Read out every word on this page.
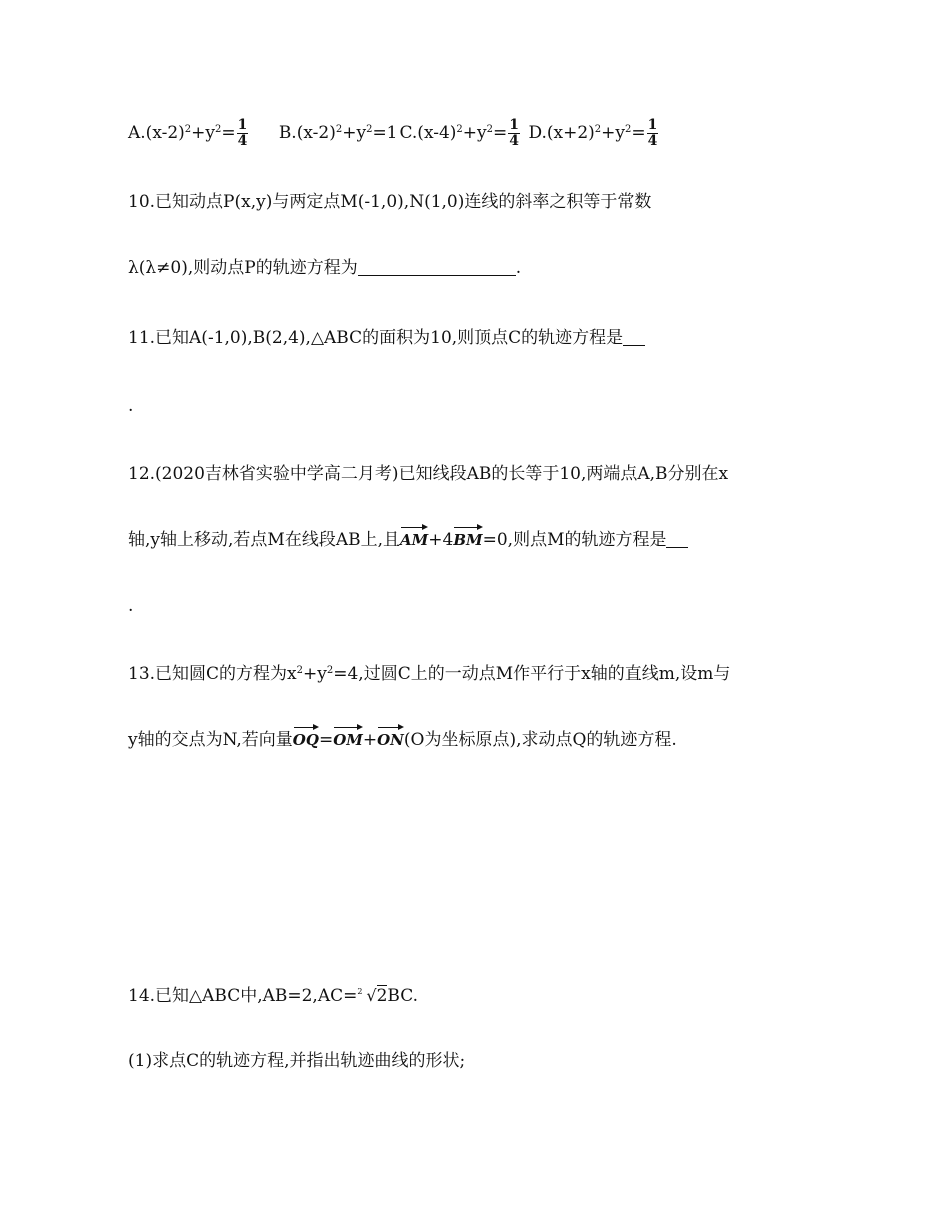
$A.(x-2)^2+y^2= \frac{1}{4} B.(x-2)^2+y^2=1$ $C.(x-4)^2+y^2= \frac{1}{4} D.(x+2)^2+y^2= \frac{1}{4}$
10.已知动点P(x,y)与两定点M(-1,0),N(1,0)连线的斜率之积等于常数
λ(λ≠0),则动点P的轨迹方程为	.
11.已知A(-1,0),B(2,4),△ABC的面积为10,则顶点C的轨迹方程是
.
12.(2020吉林省实验中学高二月考)已知线段AB的长等于10,两端点A,B分别在x
轴,y轴上移动,若点M在线段AB上,且AM+4BM=0,则点M的轨迹方程是
.
13.已知圆C的方程为$x^2+y^2=4$,过圆C上的一动点M作平行于x轴的直线m,设m与
y轴的交点为N,若向量OQ=OM+ON(O为坐标原点),求动点Q的轨迹方程.
14.已知△ABC中,AB=2,AC= 2 √2BC.
(1)求点C的轨迹方程,并指出轨迹曲线的形状;
